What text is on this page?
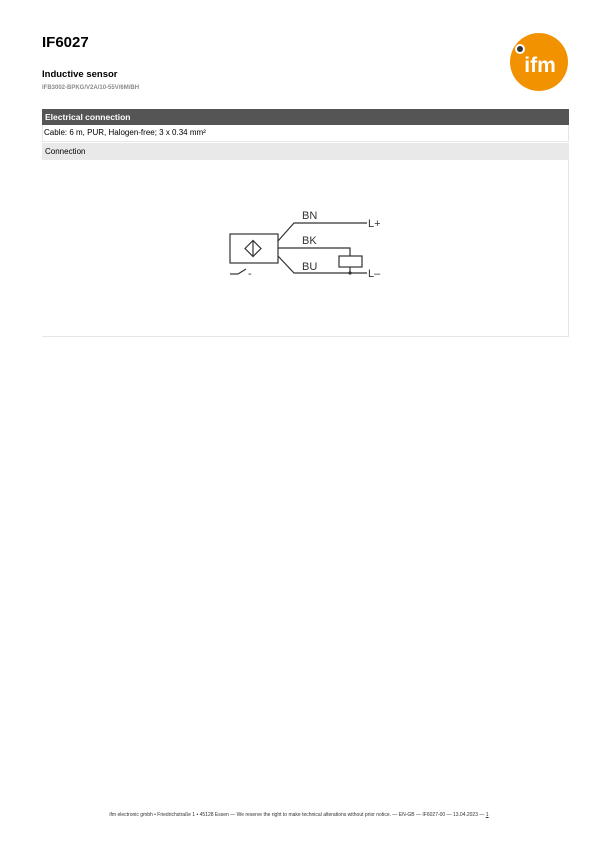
IF6027
Inductive sensor
IFB3002-BPKG/V2A/10-55V/6M/BH
ifm
Electrical connection
Cable: 6 m, PUR, Halogen-free; 3 x 0.34 mm²
Connection
BN
BK
BU
L+
L–
-
ifm electronic gmbh • Friedrichstraße 1 • 45128 Essen — We reserve the right to make technical alterations without prior notice. — EN-GB — IF6027-00 — 13.04.2023 — 1
